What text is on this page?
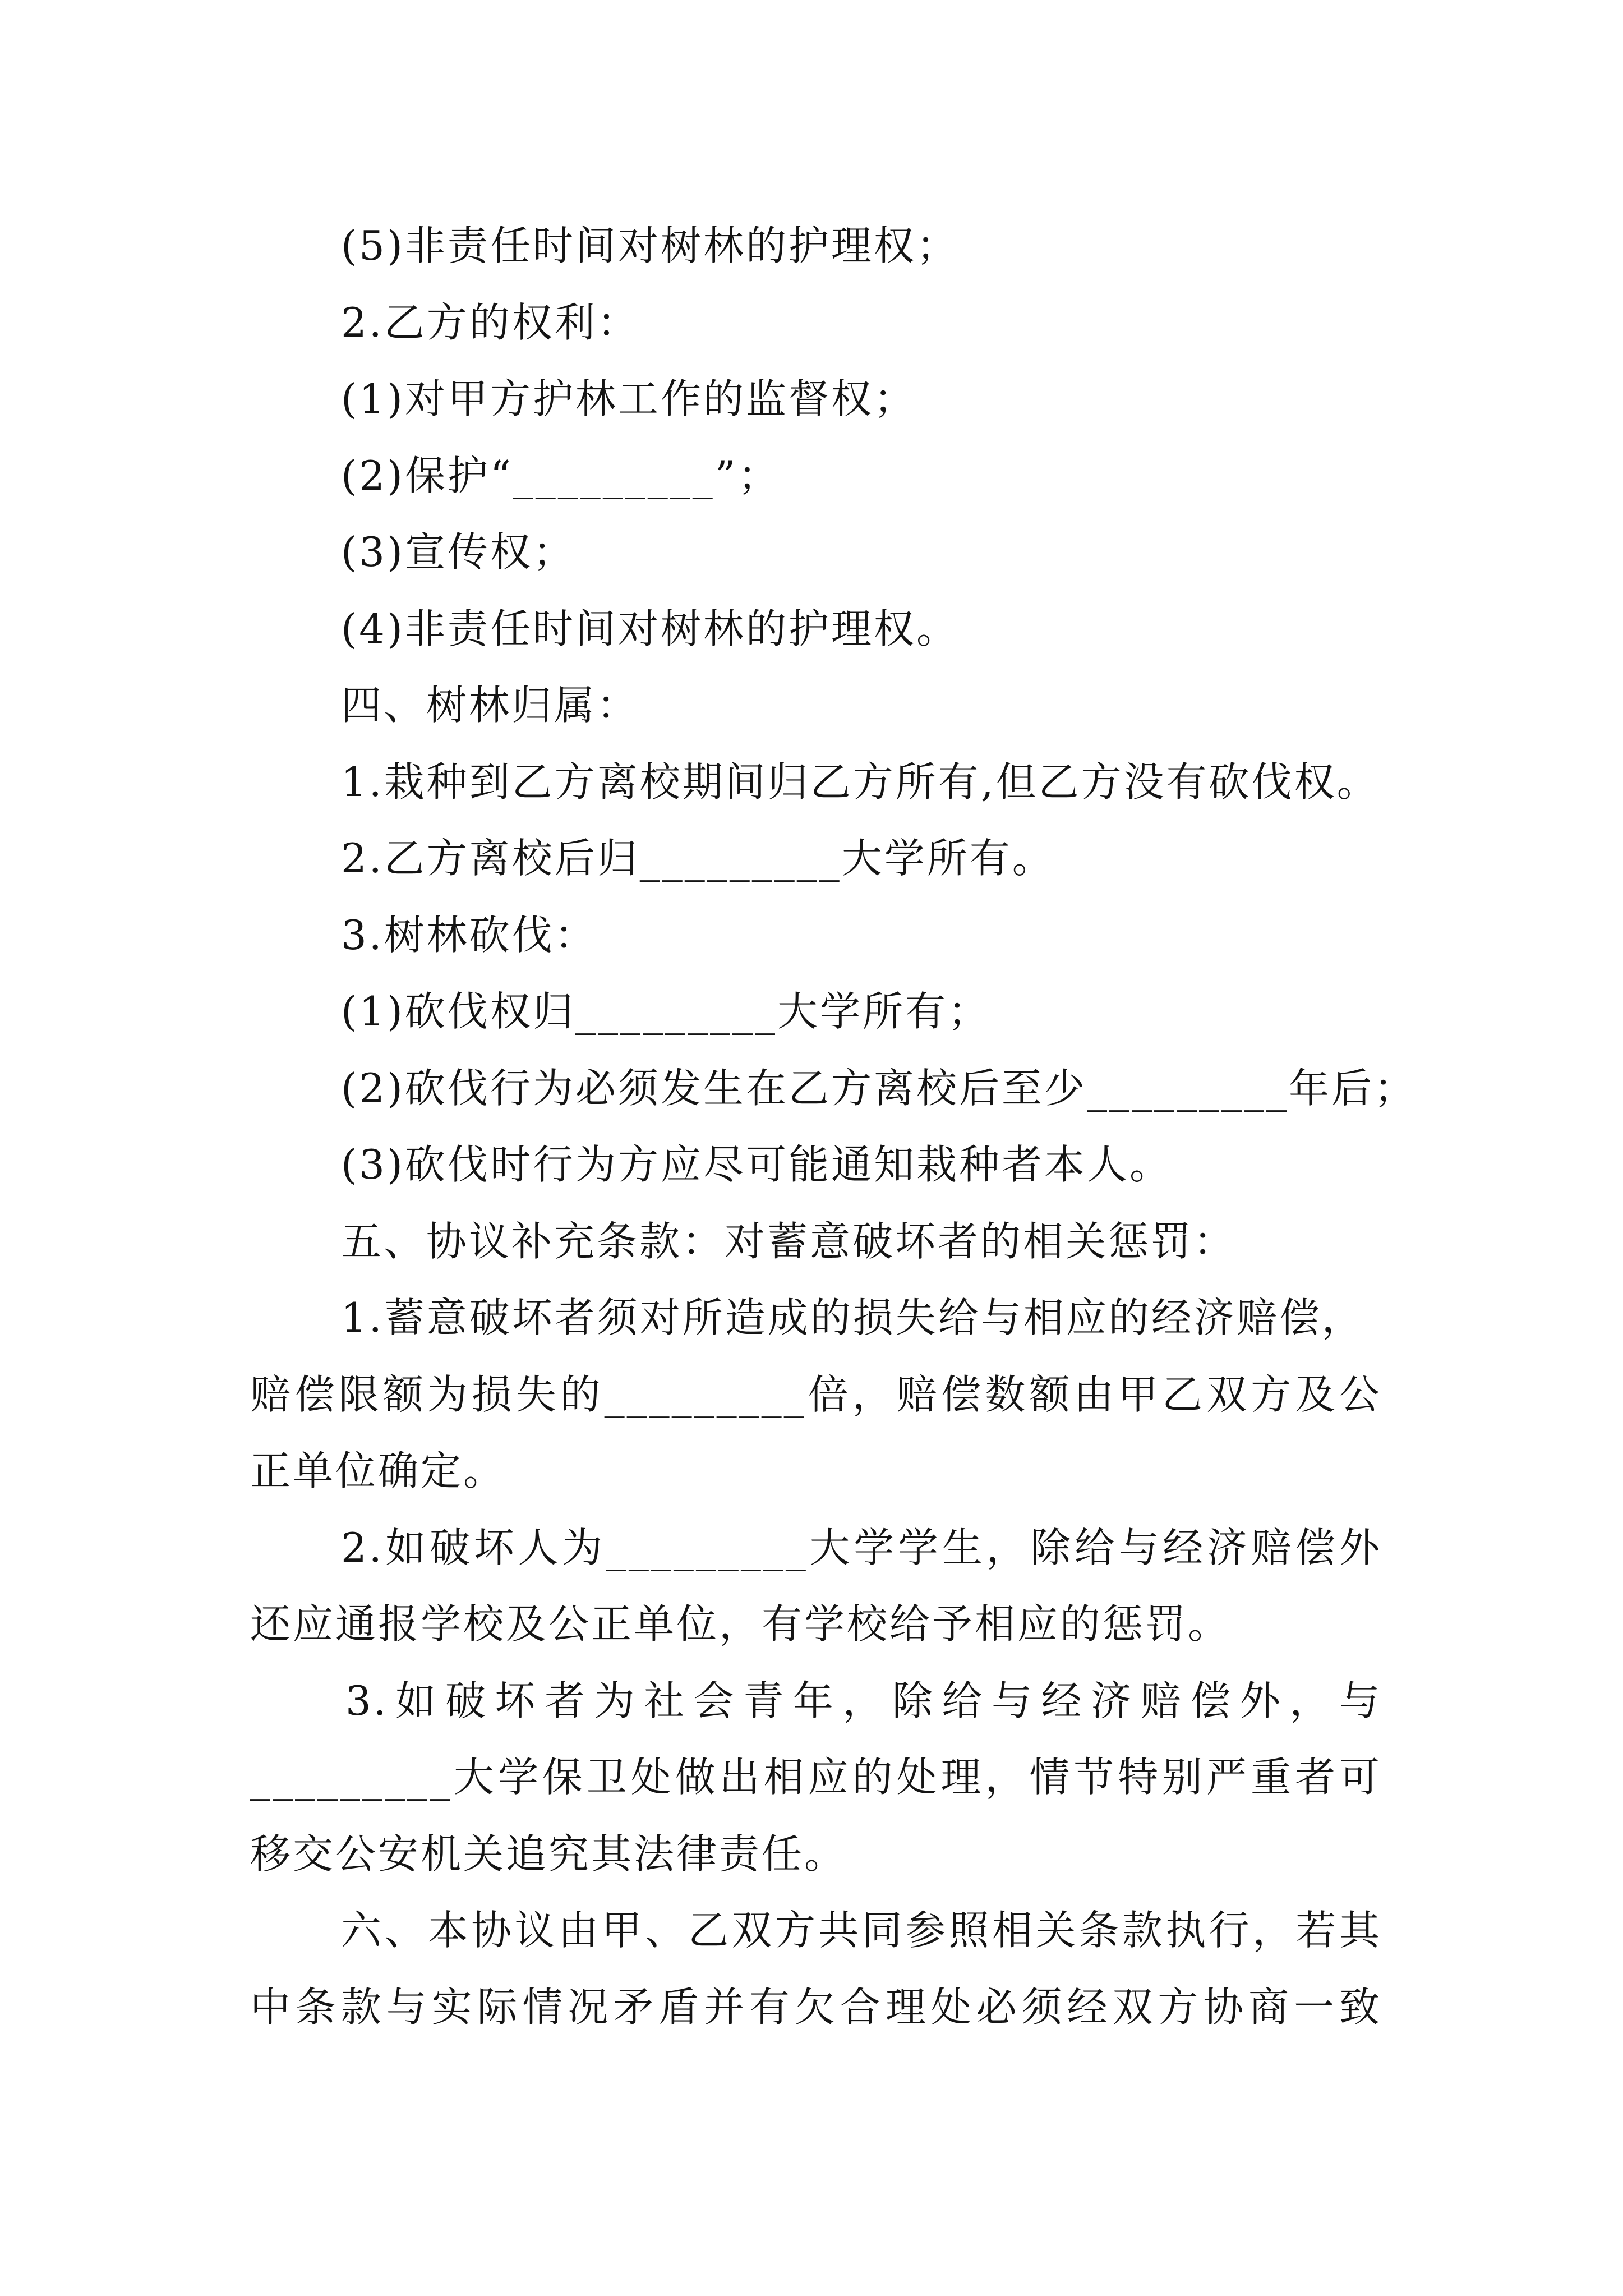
(5)非责任时间对树林的护理权；
2.乙方的权利：
(1)对甲方护林工作的监督权；
(2)保护“_________”；
(3)宣传权；
(4)非责任时间对树林的护理权。
四、树林归属：
1.栽种到乙方离校期间归乙方所有,但乙方没有砍伐权。
2.乙方离校后归_________大学所有。
3.树林砍伐：
(1)砍伐权归_________大学所有；
(2)砍伐行为必须发生在乙方离校后至少_________年后；
(3)砍伐时行为方应尽可能通知栽种者本人。
五、协议补充条款：对蓄意破坏者的相关惩罚：
1.蓄意破坏者须对所造成的损失给与相应的经济赔偿，
赔偿限额为损失的_________倍，赔偿数额由甲乙双方及公
正单位确定。
2.如破坏人为_________大学学生，除给与经济赔偿外
还应通报学校及公正单位，有学校给予相应的惩罚。
3.如破坏者为社会青年，除给与经济赔偿外，与
_________大学保卫处做出相应的处理，情节特别严重者可
移交公安机关追究其法律责任。
六、本协议由甲、乙双方共同参照相关条款执行，若其
中条款与实际情况矛盾并有欠合理处必须经双方协商一致
